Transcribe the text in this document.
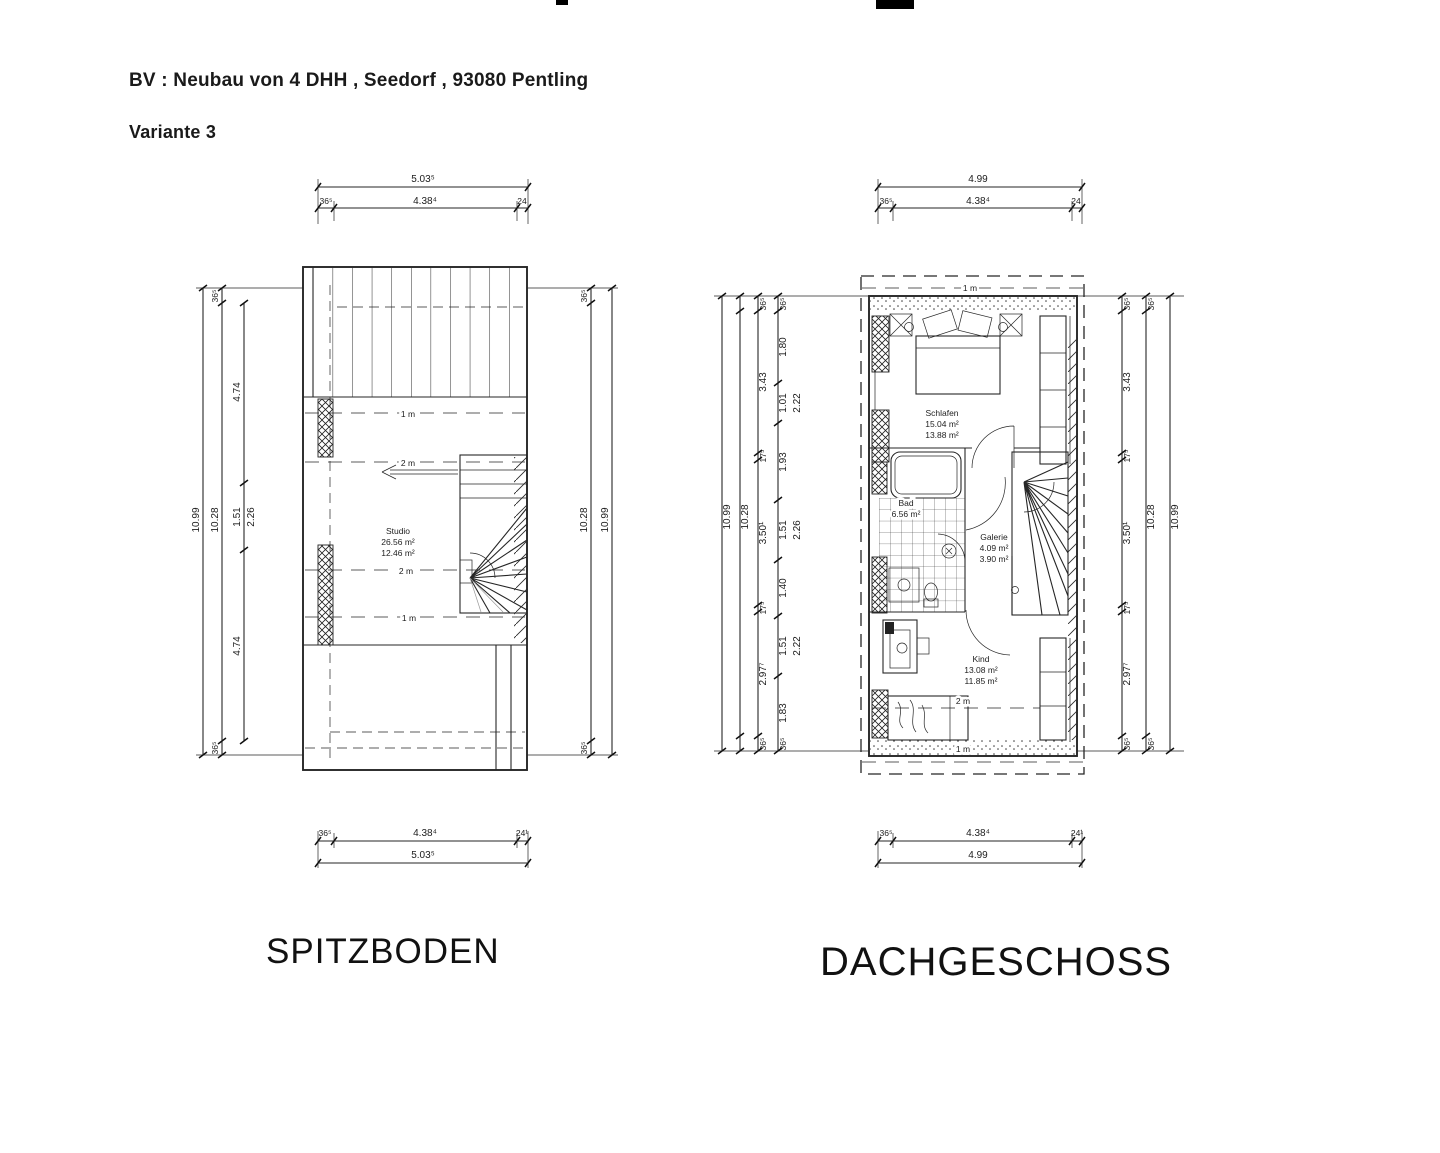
BV : Neubau von 4 DHH , Seedorf , 93080 Pentling
Variante 3
5.03⁵
36⁵	4.38⁴	24
1 m
2 m
2 m
1 m
Studio
26.56 m²
12.46 m²
10.99
36⁵
10.28
36⁵
4.74
1.51 2.26
4.74
36⁵
10.28
36⁵
10.99
36⁵	4.38⁴	24¹
5.03⁵
4.99
36⁵	4.38⁴	24
1 m
Schlafen
15.04 m²
13.88 m²
Bad
6.56 m²
Galerie
4.09 m²
3.90 m²
2 m
Kind
13.08 m²
11.85 m²
1 m
10.99 10.28
36⁵
3.43
17⁵
3.50¹
17⁵
2.97⁷
36⁵
36⁵
1.80
1.01
1.93
1.51
1.40
1.51
1.83
36⁵
2.22
2.26
2.22
36⁵
3.43
17⁵
3.50¹
17⁵
2.97⁷
36⁵
36⁵
10.28
36⁵
10.99
36⁵	4.38⁴	24¹
4.99
SPITZBODEN	DACHGESCHOSS
